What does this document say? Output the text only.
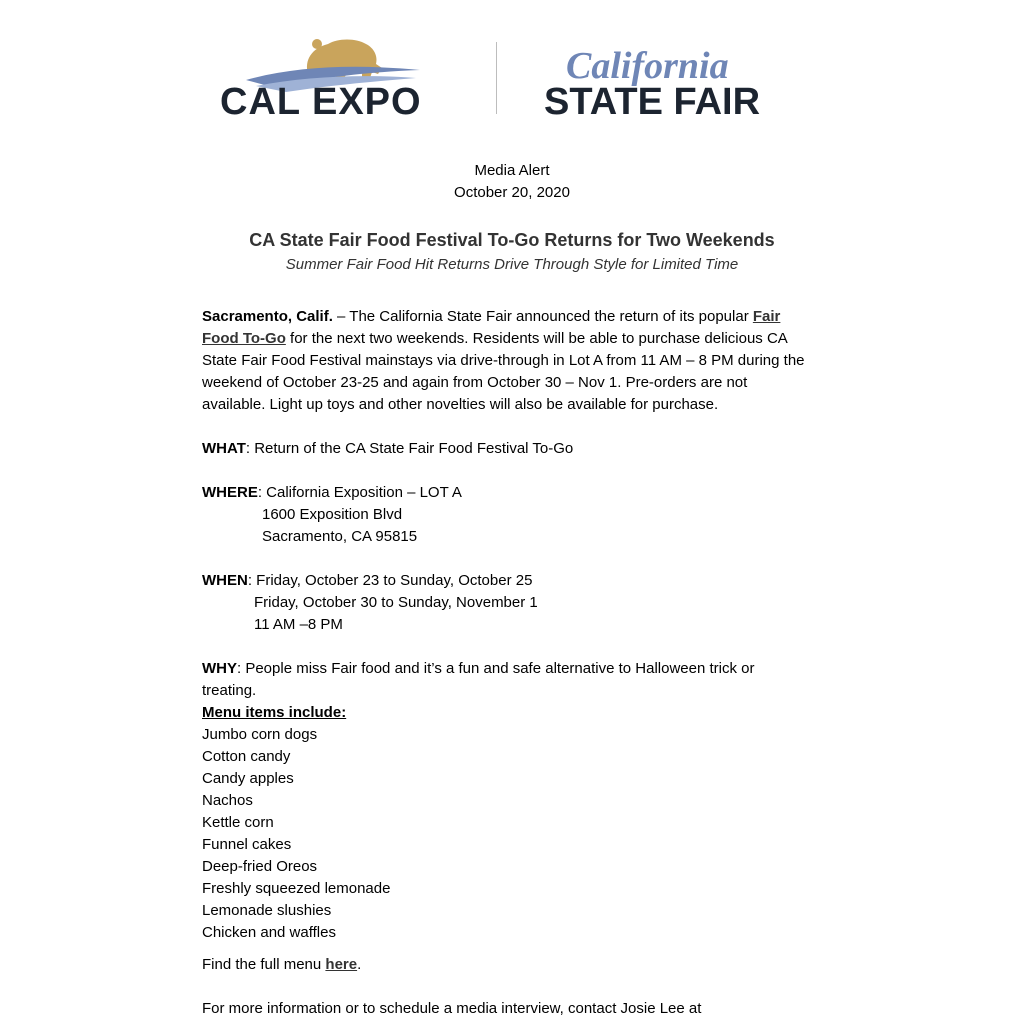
CAL EXPO
California
STATE FAIR
Media Alert
October 20, 2020
CA State Fair Food Festival To-Go Returns for Two Weekends
Summer Fair Food Hit Returns Drive Through Style for Limited Time
Sacramento, Calif. – The California State Fair announced the return of its popular Fair Food To-Go for the next two weekends. Residents will be able to purchase delicious CA State Fair Food Festival mainstays via drive-through in Lot A from 11 AM – 8 PM during the weekend of October 23-25 and again from October 30 – Nov 1. Pre-orders are not available. Light up toys and other novelties will also be available for purchase.
WHAT: Return of the CA State Fair Food Festival To-Go
WHERE: California Exposition – LOT A
1600 Exposition Blvd
Sacramento, CA 95815
WHEN: Friday, October 23 to Sunday, October 25
Friday, October 30 to Sunday, November 1
11 AM –8 PM
WHY: People miss Fair food and it’s a fun and safe alternative to Halloween trick or treating.
Menu items include:
Jumbo corn dogs
Cotton candy
Candy apples
Nachos
Kettle corn
Funnel cakes
Deep-fried Oreos
Freshly squeezed lemonade
Lemonade slushies
Chicken and waffles
Find the full menu here.
For more information or to schedule a media interview, contact Josie Lee at
